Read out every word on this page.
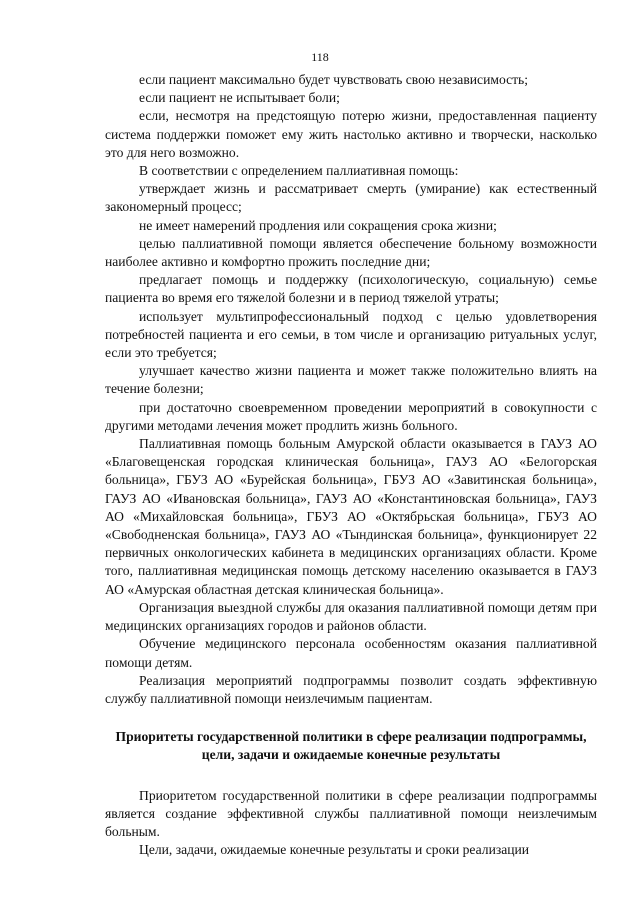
118

если пациент максимально будет чувствовать свою независимость;

если пациент не испытывает боли;

если, несмотря на предстоящую потерю жизни, предоставленная пациенту система поддержки поможет ему жить настолько активно и творчески, насколько это для него возможно.

В соответствии с определением паллиативная помощь:

утверждает жизнь и рассматривает смерть (умирание) как естественный закономерный процесс;

не имеет намерений продления или сокращения срока жизни;

целью паллиативной помощи является обеспечение больному возможности наиболее активно и комфортно прожить последние дни;

предлагает помощь и поддержку (психологическую, социальную) семье пациента во время его тяжелой болезни и в период тяжелой утраты;

использует мультипрофессиональный подход с целью удовлетворения потребностей пациента и его семьи, в том числе и организацию ритуальных услуг, если это требуется;

улучшает качество жизни пациента и может также положительно влиять на течение болезни;

при достаточно своевременном проведении мероприятий в совокупности с другими методами лечения может продлить жизнь больного.

Паллиативная помощь больным Амурской области оказывается в ГАУЗ АО «Благовещенская городская клиническая больница», ГАУЗ АО «Белогорская больница», ГБУЗ АО «Бурейская больница», ГБУЗ АО «Завитинская больница», ГАУЗ АО «Ивановская больница», ГАУЗ АО «Константиновская больница», ГАУЗ АО «Михайловская больница», ГБУЗ АО «Октябрьская больница», ГБУЗ АО «Свободненская больница», ГАУЗ АО «Тындинская больница», функционирует 22 первичных онкологических кабинета в медицинских организациях области. Кроме того, паллиативная медицинская помощь детскому населению оказывается в ГАУЗ АО «Амурская областная детская клиническая больница».

Организация выездной службы для оказания паллиативной помощи детям при медицинских организациях городов и районов области.

Обучение медицинского персонала особенностям оказания паллиативной помощи детям.

Реализация мероприятий подпрограммы позволит создать эффективную службу паллиативной помощи неизлечимым пациентам.

Приоритеты государственной политики в сфере реализации подпрограммы, цели, задачи и ожидаемые конечные результаты

Приоритетом государственной политики в сфере реализации подпрограммы является создание эффективной службы паллиативной помощи неизлечимым больным.

Цели, задачи, ожидаемые конечные результаты и сроки реализации
